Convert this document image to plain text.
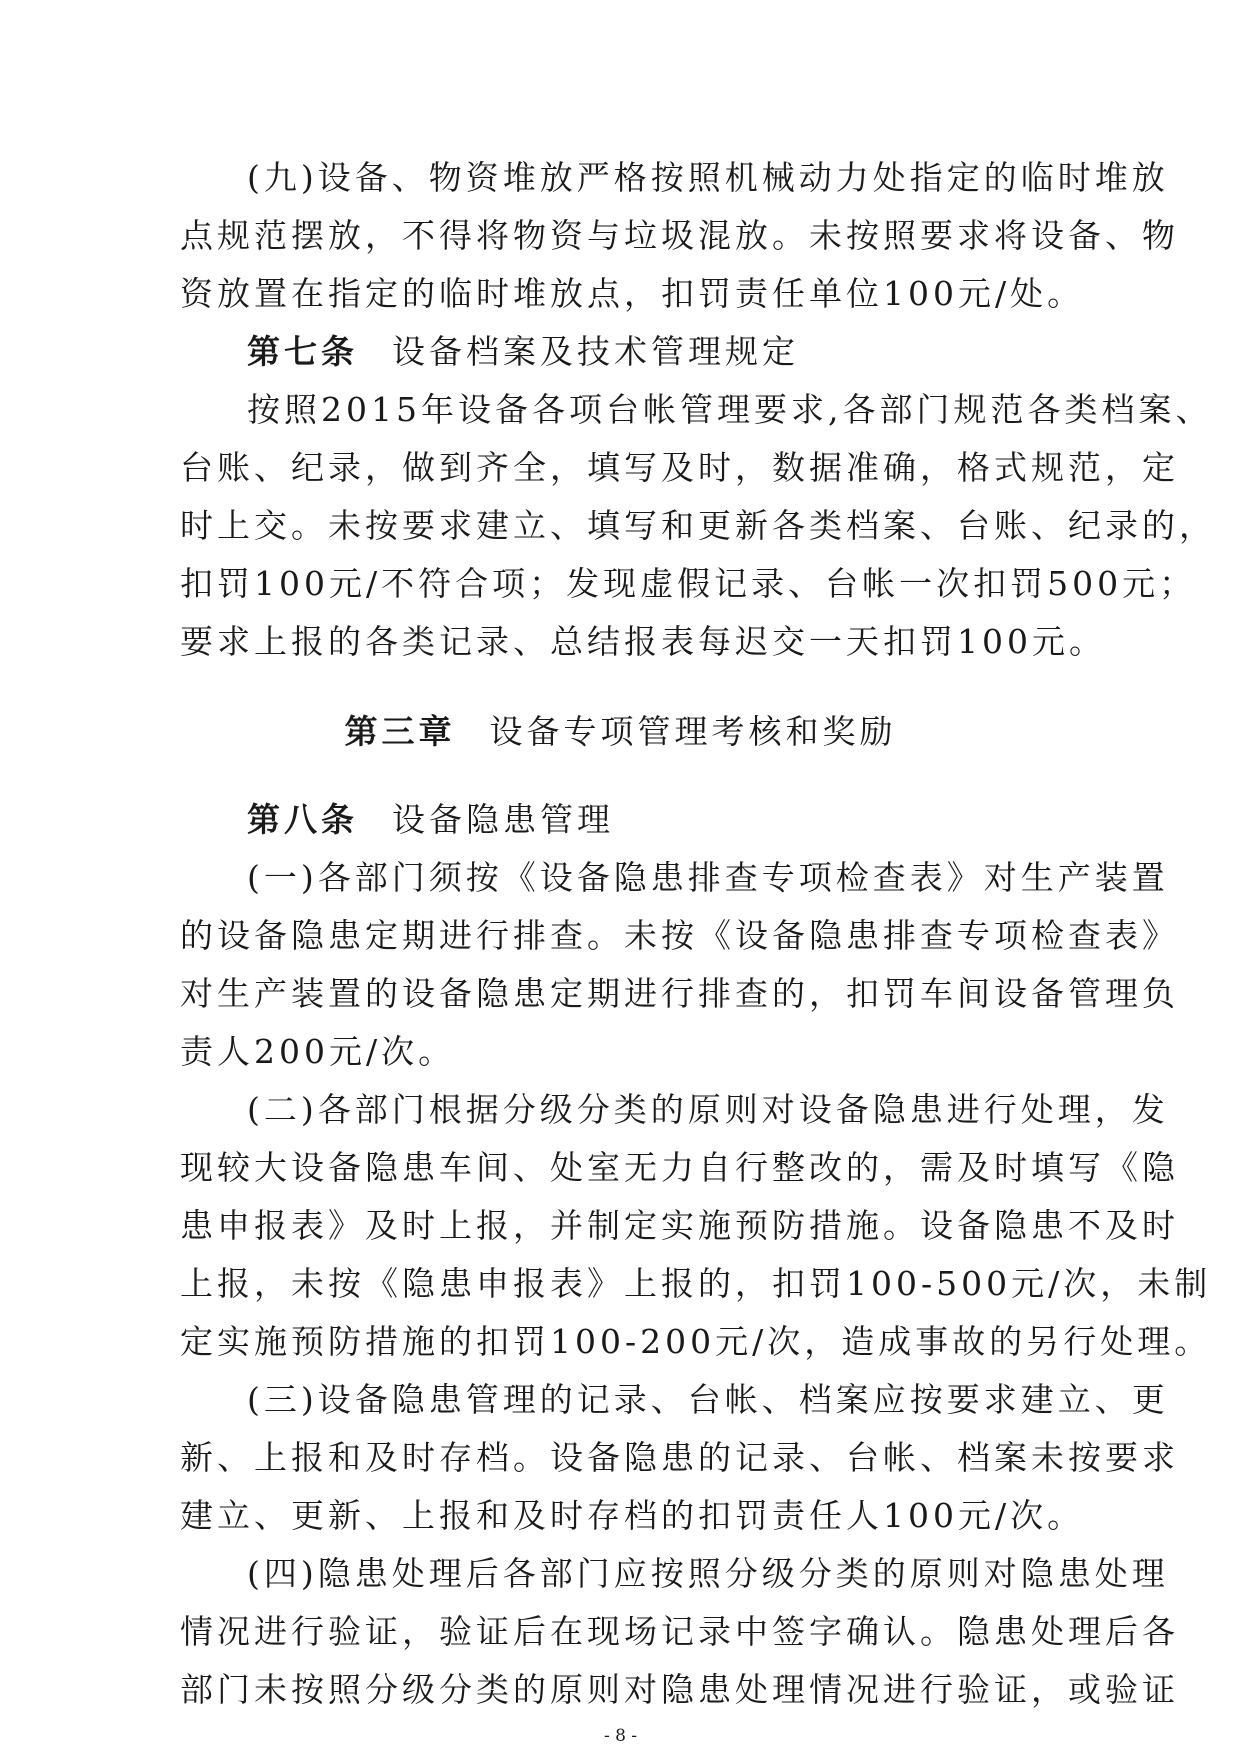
(九)设备、物资堆放严格按照机械动力处指定的临时堆放
点规范摆放，不得将物资与垃圾混放。未按照要求将设备、物
资放置在指定的临时堆放点，扣罚责任单位100元/处。
第七条 设备档案及技术管理规定
按照2015年设备各项台帐管理要求,各部门规范各类档案、
台账、纪录，做到齐全，填写及时，数据准确，格式规范，定
时上交。未按要求建立、填写和更新各类档案、台账、纪录的，
扣罚100元/不符合项；发现虚假记录、台帐一次扣罚500元；
要求上报的各类记录、总结报表每迟交一天扣罚100元。
第三章 设备专项管理考核和奖励
第八条 设备隐患管理
(一)各部门须按《设备隐患排查专项检查表》对生产装置
的设备隐患定期进行排查。未按《设备隐患排查专项检查表》
对生产装置的设备隐患定期进行排查的，扣罚车间设备管理负
责人200元/次。
(二)各部门根据分级分类的原则对设备隐患进行处理，发
现较大设备隐患车间、处室无力自行整改的，需及时填写《隐
患申报表》及时上报，并制定实施预防措施。设备隐患不及时
上报，未按《隐患申报表》上报的，扣罚100-500元/次，未制
定实施预防措施的扣罚100-200元/次，造成事故的另行处理。
(三)设备隐患管理的记录、台帐、档案应按要求建立、更
新、上报和及时存档。设备隐患的记录、台帐、档案未按要求
建立、更新、上报和及时存档的扣罚责任人100元/次。
(四)隐患处理后各部门应按照分级分类的原则对隐患处理
情况进行验证，验证后在现场记录中签字确认。隐患处理后各
部门未按照分级分类的原则对隐患处理情况进行验证，或验证
- 8 -
